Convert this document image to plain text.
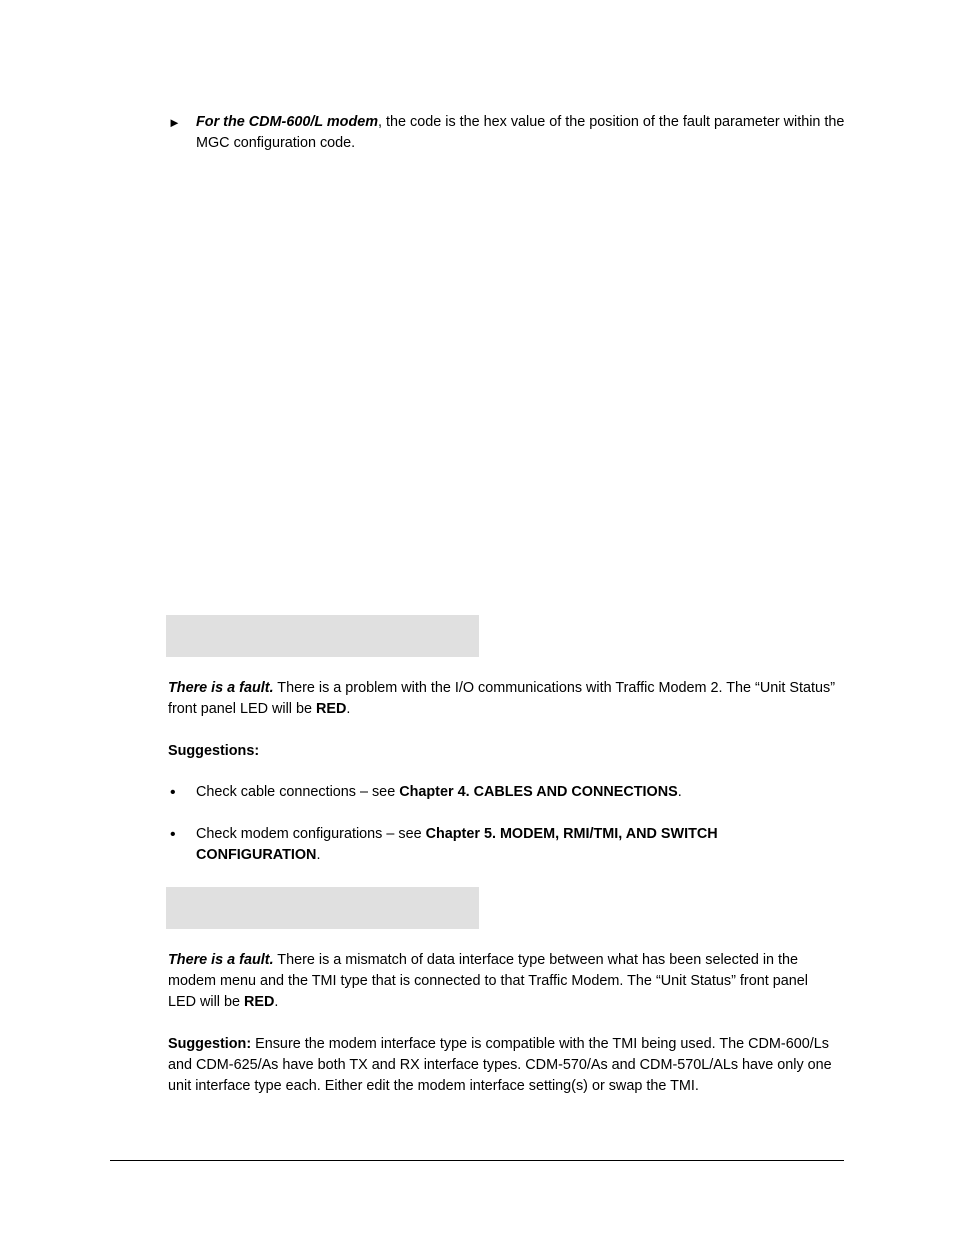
► For the CDM-600/L modem, the code is the hex value of the position of the fault parameter within the MGC configuration code.

There is a fault. There is a problem with the I/O communications with Traffic Modem 2. The “Unit Status” front panel LED will be RED.

Suggestions:

• Check cable connections – see Chapter 4. CABLES AND CONNECTIONS.

• Check modem configurations – see Chapter 5. MODEM, RMI/TMI, AND SWITCH CONFIGURATION.

There is a fault. There is a mismatch of data interface type between what has been selected in the modem menu and the TMI type that is connected to that Traffic Modem. The “Unit Status” front panel LED will be RED.

Suggestion: Ensure the modem interface type is compatible with the TMI being used. The CDM-600/Ls and CDM-625/As have both TX and RX interface types. CDM-570/As and CDM-570L/ALs have only one unit interface type each. Either edit the modem interface setting(s) or swap the TMI.
